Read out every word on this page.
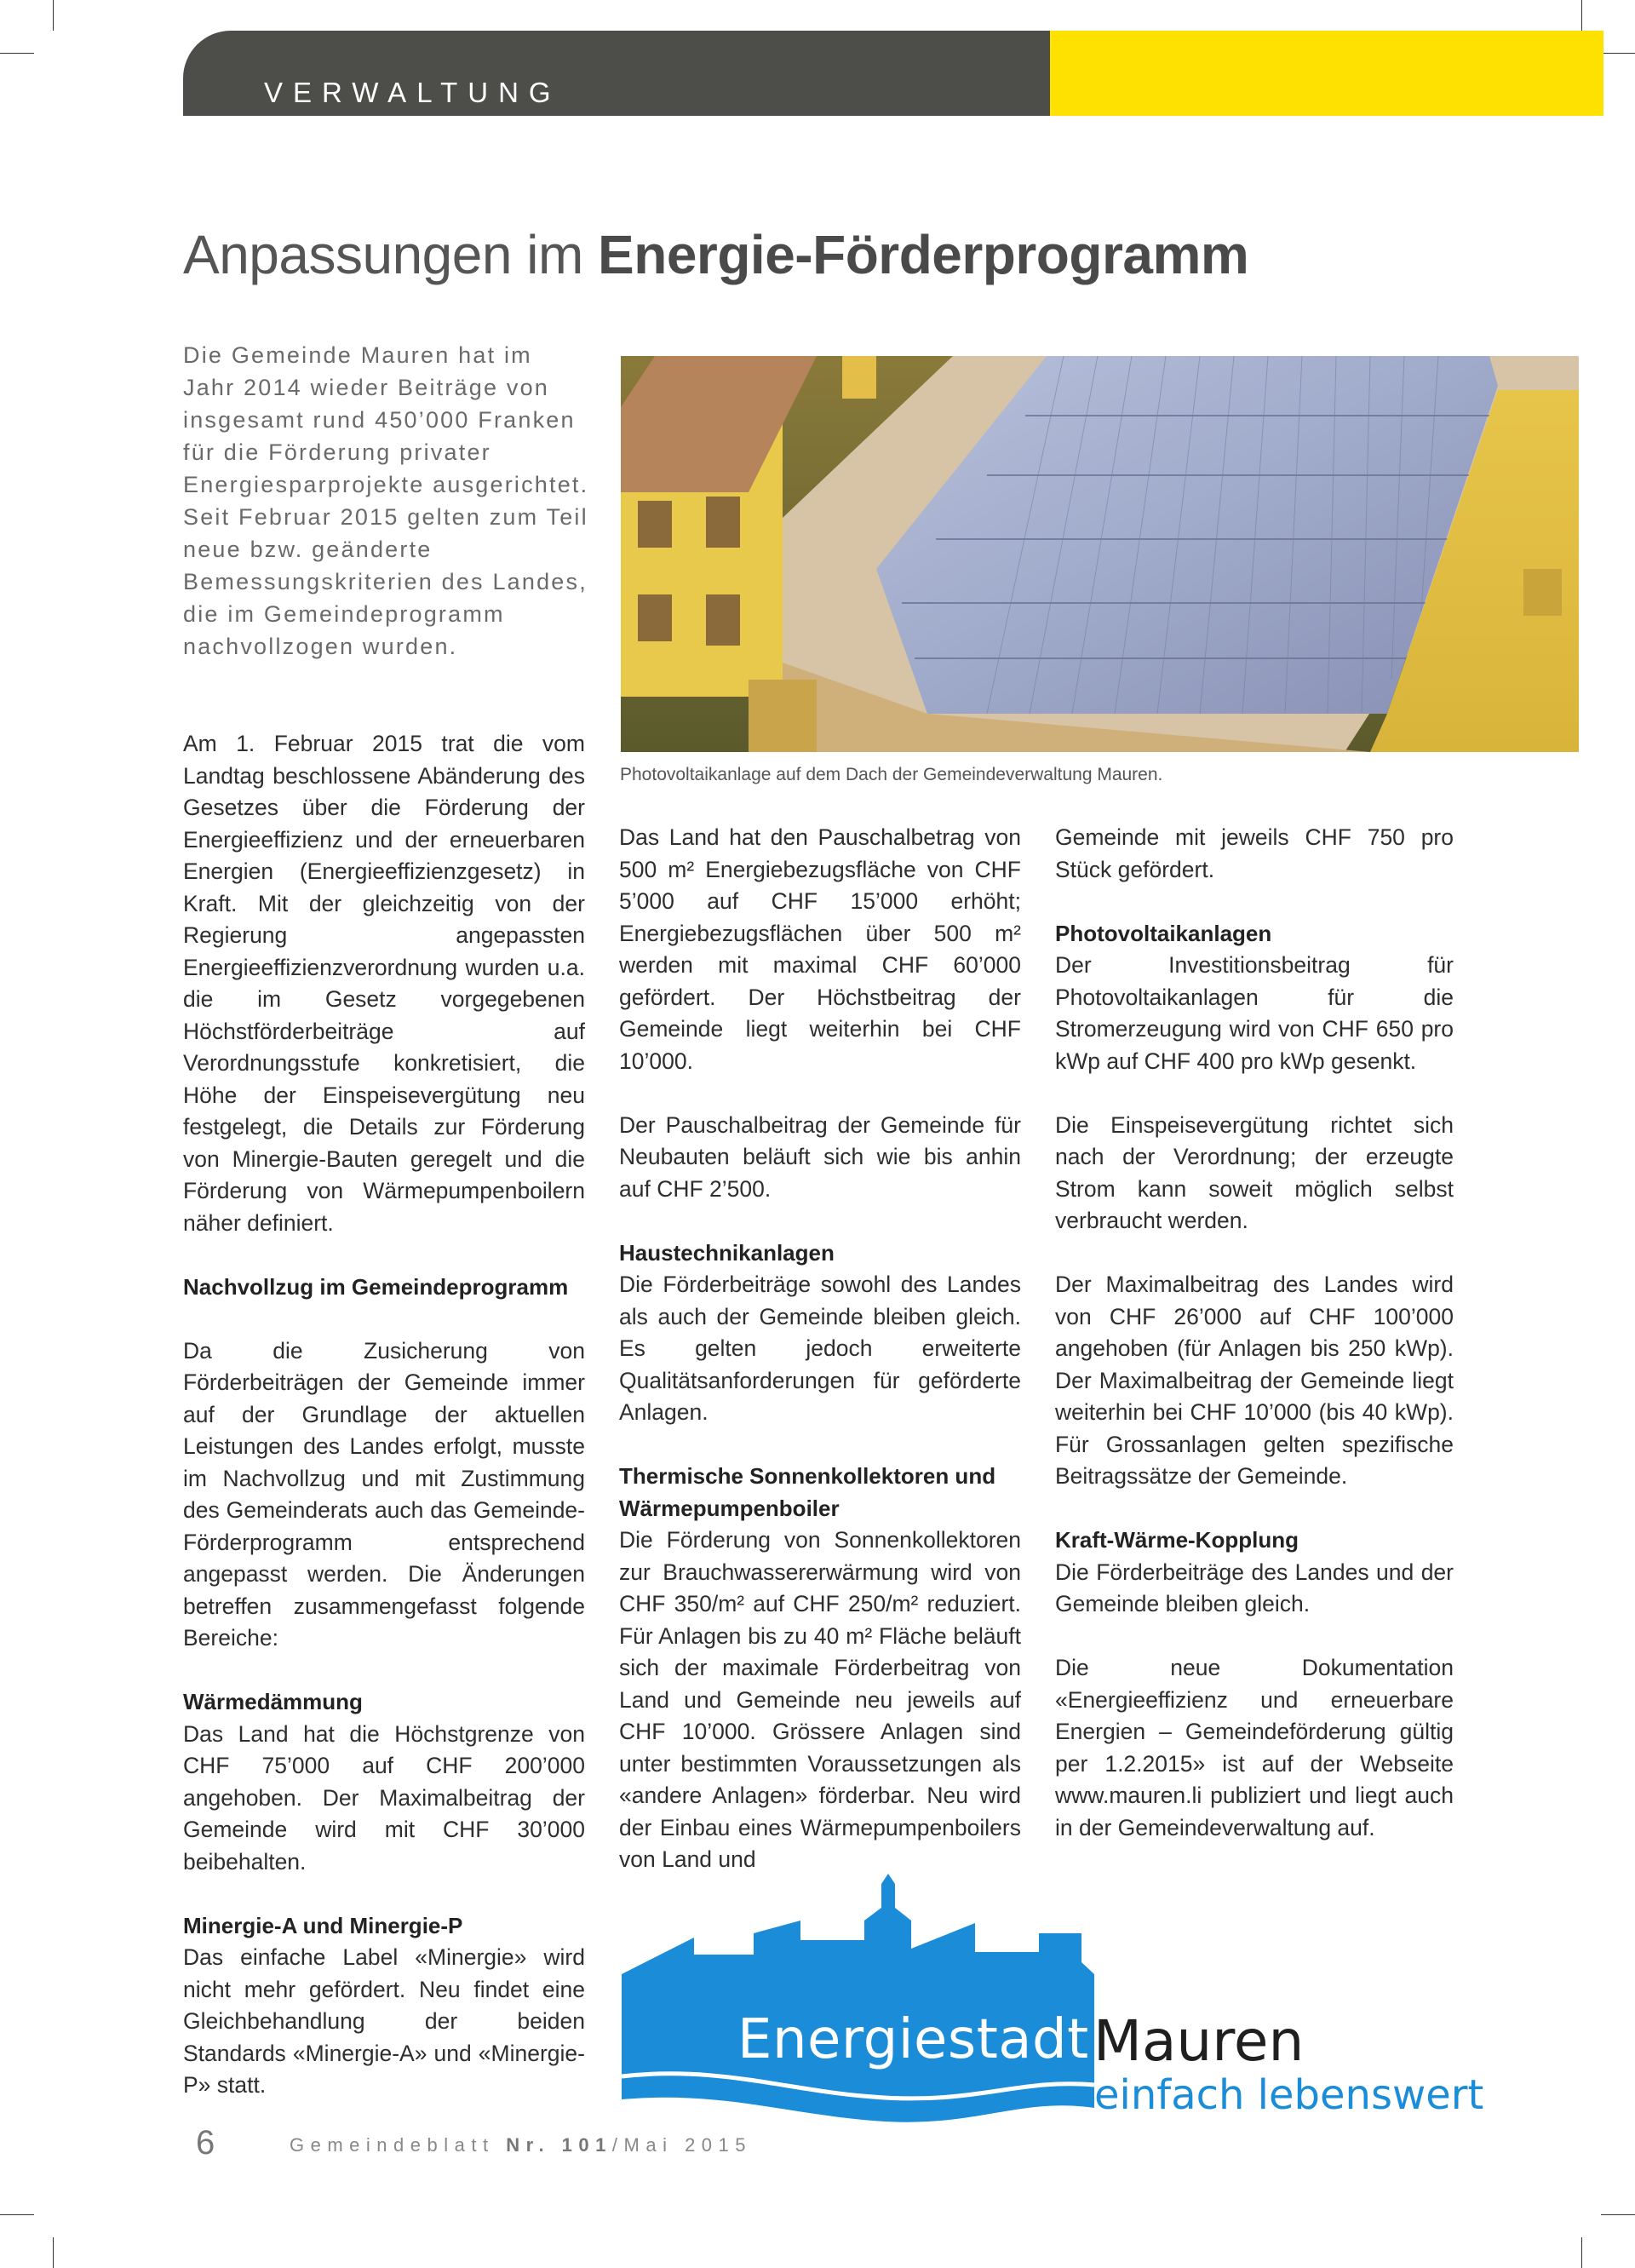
VERWALTUNG
Anpassungen im Energie-Förderprogramm
Die Gemeinde Mauren hat im Jahr 2014 wieder Beiträge von insgesamt rund 450’000 Franken für die Förderung privater Energiesparprojekte ausgerichtet. Seit Februar 2015 gelten zum Teil neue bzw. geänderte Bemessungskriterien des Landes, die im Gemeindeprogramm nachvollzogen wurden.
Photovoltaikanlage auf dem Dach der Gemeindeverwaltung Mauren.

Am 1. Februar 2015 trat die vom Landtag beschlossene Abänderung des Gesetzes über die Förderung der Energieeffizienz und der erneuerbaren Energien (Energieeffizienzgesetz) in Kraft. Mit der gleichzeitig von der Regierung angepassten Energieeffizienzverordnung wurden u.a. die im Gesetz vorgegebenen Höchstförderbeiträge auf Verordnungsstufe konkretisiert, die Höhe der Einspeisevergütung neu festgelegt, die Details zur Förderung von Minergie-Bauten geregelt und die Förderung von Wärmepumpenboilern näher definiert.

Nachvollzug im Gemeindeprogramm

Da die Zusicherung von Förderbeiträgen der Gemeinde immer auf der Grundlage der aktuellen Leistungen des Landes erfolgt, musste im Nachvollzug und mit Zustimmung des Gemeinderats auch das Gemeinde-Förderprogramm entsprechend angepasst werden. Die Änderungen betreffen zusammengefasst folgende Bereiche:

Wärmedämmung

Das Land hat die Höchstgrenze von CHF 75’000 auf CHF 200’000 angehoben. Der Maximalbeitrag der Gemeinde wird mit CHF 30’000 beibehalten.

Minergie-A und Minergie-P

Das einfache Label «Minergie» wird nicht mehr gefördert. Neu findet eine Gleichbehandlung der beiden Standards «Minergie-A» und «Minergie-P» statt.

Das Land hat den Pauschalbetrag von 500 m² Energiebezugsfläche von CHF 5’000 auf CHF 15’000 erhöht; Energiebezugsflächen über 500 m² werden mit maximal CHF 60’000 gefördert. Der Höchstbeitrag der Gemeinde liegt weiterhin bei CHF 10’000.

Der Pauschalbeitrag der Gemeinde für Neubauten beläuft sich wie bis anhin auf CHF 2’500.

Haustechnikanlagen

Die Förderbeiträge sowohl des Landes als auch der Gemeinde bleiben gleich. Es gelten jedoch erweiterte Qualitätsanforderungen für geförderte Anlagen.

Thermische Sonnenkollektoren und Wärmepumpenboiler

Die Förderung von Sonnenkollektoren zur Brauchwassererwärmung wird von CHF 350/m² auf CHF 250/m² reduziert. Für Anlagen bis zu 40 m² Fläche beläuft sich der maximale Förderbeitrag von Land und Gemeinde neu jeweils auf CHF 10’000. Grössere Anlagen sind unter bestimmten Voraussetzungen als «andere Anlagen» förderbar. Neu wird der Einbau eines Wärmepumpenboilers von Land und

Gemeinde mit jeweils CHF 750 pro Stück gefördert.

Photovoltaikanlagen

Der Investitionsbeitrag für Photovoltaikanlagen für die Stromerzeugung wird von CHF 650 pro kWp auf CHF 400 pro kWp gesenkt.

Die Einspeisevergütung richtet sich nach der Verordnung; der erzeugte Strom kann soweit möglich selbst verbraucht werden.

Der Maximalbeitrag des Landes wird von CHF 26’000 auf CHF 100’000 angehoben (für Anlagen bis 250 kWp). Der Maximalbeitrag der Gemeinde liegt weiterhin bei CHF 10’000 (bis 40 kWp). Für Grossanlagen gelten spezifische Beitragssätze der Gemeinde.

Kraft-Wärme-Kopplung

Die Förderbeiträge des Landes und der Gemeinde bleiben gleich.

Die neue Dokumentation «Energieeffizienz und erneuerbare Energien – Gemeindeförderung gültig per 1.2.2015» ist auf der Webseite www.mauren.li publiziert und liegt auch in der Gemeindeverwaltung auf.

Energiestadt Mauren
einfach lebenswert
6	Gemeindeblatt Nr. 101/Mai 2015
